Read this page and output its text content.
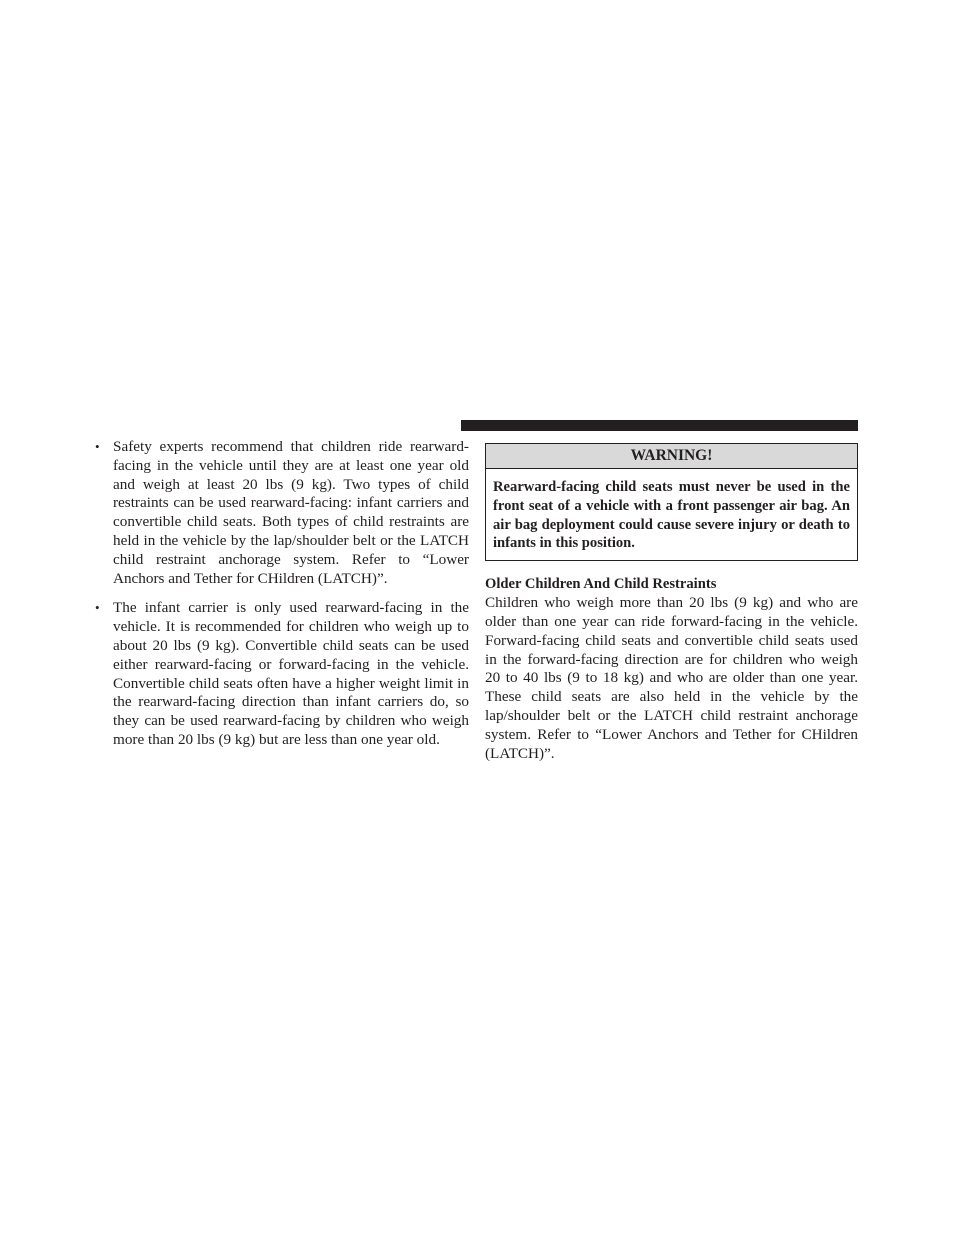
• Safety experts recommend that children ride rearward-facing in the vehicle until they are at least one year old and weigh at least 20 lbs (9 kg). Two types of child restraints can be used rearward-facing: infant carriers and convertible child seats. Both types of child restraints are held in the vehicle by the lap/shoulder belt or the LATCH child restraint anchorage system. Refer to “Lower Anchors and Tether for CHildren (LATCH)”.
• The infant carrier is only used rearward-facing in the vehicle. It is recommended for children who weigh up to about 20 lbs (9 kg). Convertible child seats can be used either rearward-facing or forward-facing in the vehicle. Convertible child seats often have a higher weight limit in the rearward-facing direction than infant carriers do, so they can be used rearward-facing by children who weigh more than 20 lbs (9 kg) but are less than one year old.
WARNING!
Rearward-facing child seats must never be used in the front seat of a vehicle with a front passenger air bag. An air bag deployment could cause severe injury or death to infants in this position.
Older Children And Child Restraints
Children who weigh more than 20 lbs (9 kg) and who are older than one year can ride forward-facing in the vehicle. Forward-facing child seats and convertible child seats used in the forward-facing direction are for children who weigh 20 to 40 lbs (9 to 18 kg) and who are older than one year. These child seats are also held in the vehicle by the lap/shoulder belt or the LATCH child restraint anchorage system. Refer to “Lower Anchors and Tether for CHildren (LATCH)”.
